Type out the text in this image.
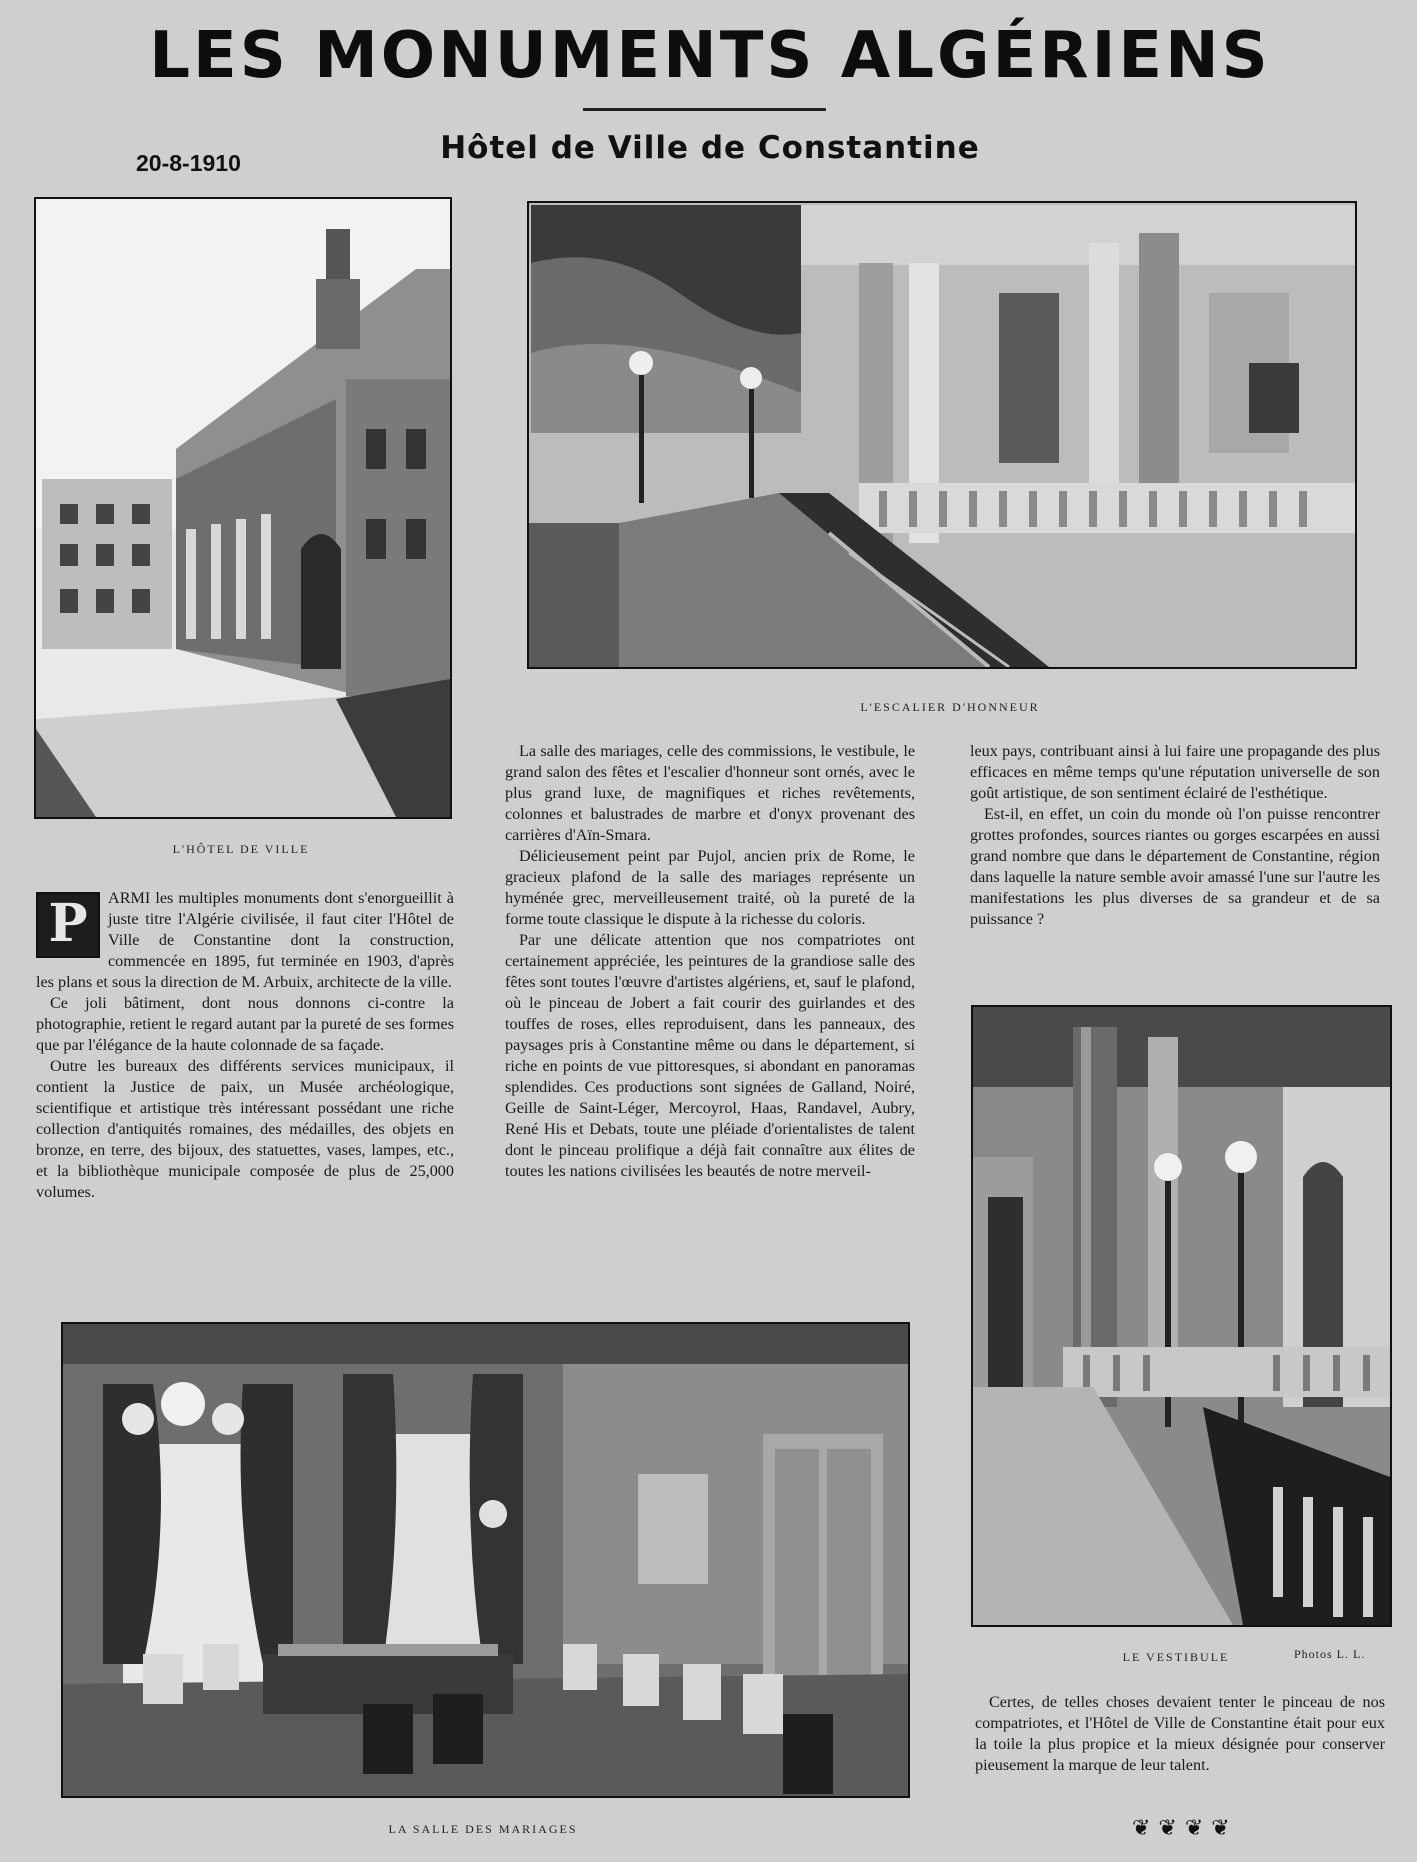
LES MONUMENTS ALGÉRIENS
20-8-1910	Hôtel de Ville de Constantine
L'HÔTEL DE VILLE
L'ESCALIER D'HONNEUR
P	ARMI les multiples monuments dont s'enorgueillit à juste titre l'Algérie civilisée, il faut citer l'Hôtel de Ville de Constantine dont la construction, commencée en 1895, fut terminée en 1903, d'après les plans et sous la direction de M. Arbuix, architecte de la ville.

Ce joli bâtiment, dont nous donnons ci-contre la photographie, retient le regard autant par la pureté de ses formes que par l'élégance de la haute colonnade de sa façade.

Outre les bureaux des différents services municipaux, il contient la Justice de paix, un Musée archéologique, scientifique et artistique très intéressant possédant une riche collection d'antiquités romaines, des médailles, des objets en bronze, en terre, des bijoux, des statuettes, vases, lampes, etc., et la bibliothèque municipale composée de plus de 25,000 volumes.

La salle des mariages, celle des commissions, le vestibule, le grand salon des fêtes et l'escalier d'honneur sont ornés, avec le plus grand luxe, de magnifiques et riches revêtements, colonnes et balustrades de marbre et d'onyx provenant des carrières d'Aïn-Smara.

Délicieusement peint par Pujol, ancien prix de Rome, le gracieux plafond de la salle des mariages représente un hyménée grec, merveilleusement traité, où la pureté de la forme toute classique le dispute à la richesse du coloris.

Par une délicate attention que nos compatriotes ont certainement appréciée, les peintures de la grandiose salle des fêtes sont toutes l'œuvre d'artistes algériens, et, sauf le plafond, où le pinceau de Jobert a fait courir des guirlandes et des touffes de roses, elles reproduisent, dans les panneaux, des paysages pris à Constantine même ou dans le département, si riche en points de vue pittoresques, si abondant en panoramas splendides. Ces productions sont signées de Galland, Noiré, Geille de Saint-Léger, Mercoyrol, Haas, Randavel, Aubry, René His et Debats, toute une pléiade d'orientalistes de talent dont le pinceau prolifique a déjà fait connaître aux élites de toutes les nations civilisées les beautés de notre merveil-

leux pays, contribuant ainsi à lui faire une propagande des plus efficaces en même temps qu'une réputation universelle de son goût artistique, de son sentiment éclairé de l'esthétique.

Est-il, en effet, un coin du monde où l'on puisse rencontrer grottes profondes, sources riantes ou gorges escarpées en aussi grand nombre que dans le département de Constantine, région dans laquelle la nature semble avoir amassé l'une sur l'autre les manifestations les plus diverses de sa grandeur et de sa puissance ?

LE VESTIBULE	Photos L. L.

Certes, de telles choses devaient tenter le pinceau de nos compatriotes, et l'Hôtel de Ville de Constantine était pour eux la toile la plus propice et la mieux désignée pour conserver pieusement la marque de leur talent.

LA SALLE DES MARIAGES	❦❦❦❦
